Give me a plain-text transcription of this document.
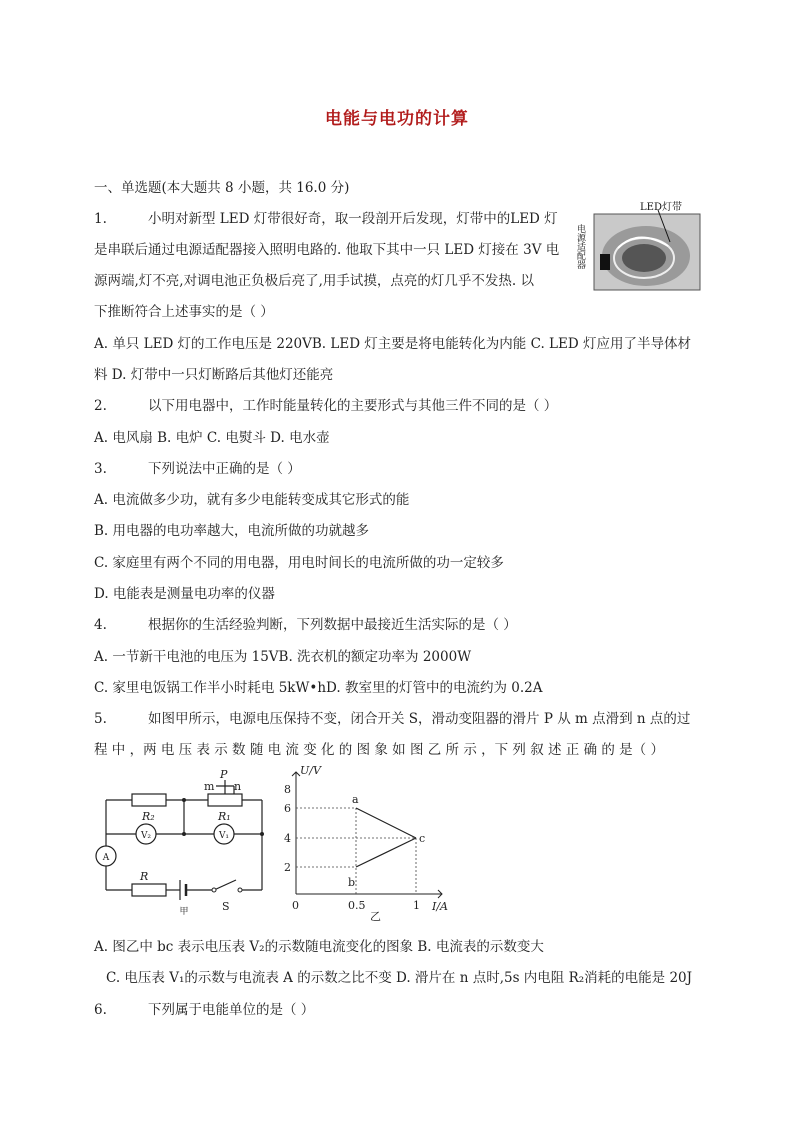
电能与电功的计算
一、单选题(本大题共 8 小题，共 16.0 分)
1.	小明对新型 LED 灯带很好奇，取一段剖开后发现，灯带中的LED 灯
是串联后通过电源适配器接入照明电路的. 他取下其中一只 LED 灯接在 3V 电
源两端,灯不亮,对调电池正负极后亮了,用手试摸，点亮的灯几乎不发热. 以
下推断符合上述事实的是（ ）
LED灯带
电源适配器
A. 单只 LED 灯的工作电压是 220VB. LED 灯主要是将电能转化为内能 C. LED 灯应用了半导体材
料 D. 灯带中一只灯断路后其他灯还能亮
2.	以下用电器中，工作时能量转化的主要形式与其他三件不同的是（ ）
A. 电风扇 B. 电炉 C. 电熨斗 D. 电水壶
3.	下列说法中正确的是（ ）
A. 电流做多少功，就有多少电能转变成其它形式的能
B. 用电器的电功率越大，电流所做的功就越多
C. 家庭里有两个不同的用电器，用电时间长的电流所做的功一定较多
D. 电能表是测量电功率的仪器
4.	根据你的生活经验判断，下列数据中最接近生活实际的是（ ）
A. 一节新干电池的电压为 15VB. 洗衣机的额定功率为 2000W
C. 家里电饭锅工作半小时耗电 5kW•hD. 教室里的灯管中的电流约为 0.2A
5.	如图甲所示，电源电压保持不变，闭合开关 S，滑动变阻器的滑片 P 从 m 点滑到 n 点的过
程 中 ，两 电 压 表 示 数 随 电 流 变 化 的 图 象 如 图 乙 所 示 ，下 列 叙 述 正 确 的 是（ ）
R₂	R₁
P
m n
R
S
V₂	V₁
A
甲
U/V
I/A
8
6
4
2
0	0.5	1
a
b
c
乙
A. 图乙中 bc 表示电压表 V₂的示数随电流变化的图象 B. 电流表的示数变大
C. 电压表 V₁的示数与电流表 A 的示数之比不变 D. 滑片在 n 点时,5s 内电阻 R₂消耗的电能是 20J
6.	下列属于电能单位的是（ ）
